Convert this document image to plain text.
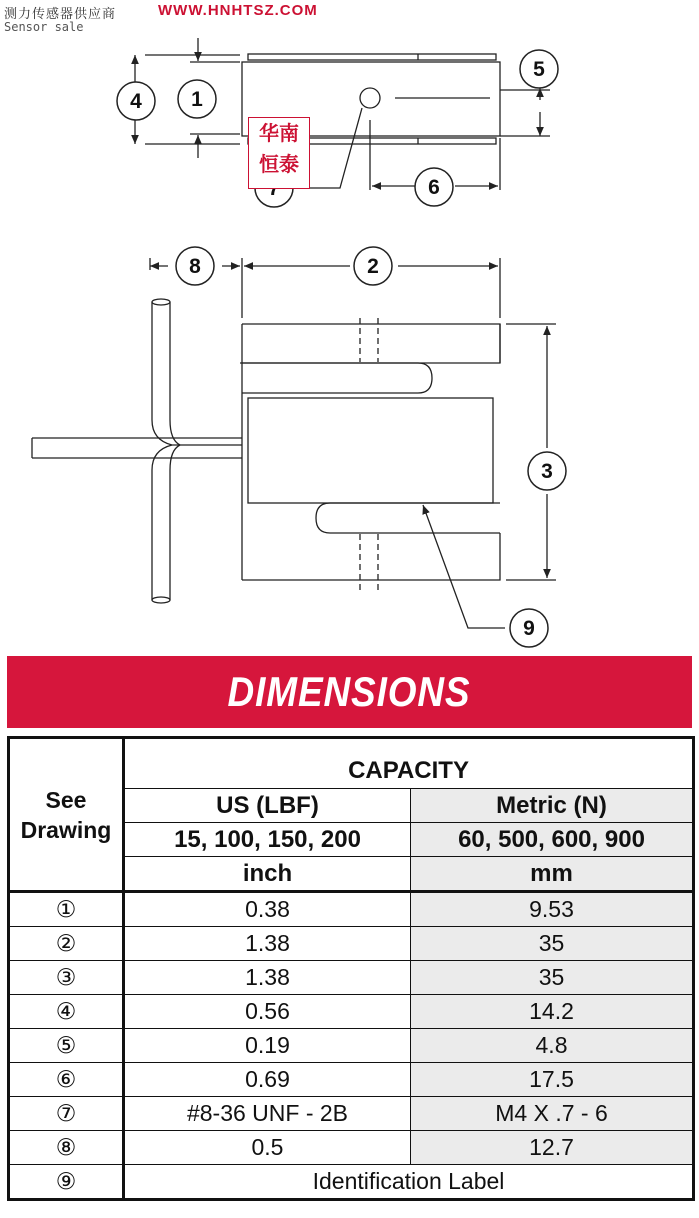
测力传感器供应商	WWW.HNHTSZ.COM
Sensor sale
4 1
5
6
8	2
3
9
华南
恒泰
DIMENSIONS
See
Drawing	CAPACITY	
	US (LBF)	Metric (N)
	15, 100, 150, 200	60, 500, 600, 900
	inch	mm
①	0.38	9.53
②	1.38	35
③	1.38	35
④	0.56	14.2
⑤	0.19	4.8
⑥	0.69	17.5
⑦	#8-36 UNF - 2B	M4 X .7 - 6
⑧	0.5	12.7
⑨	Identification Label	
